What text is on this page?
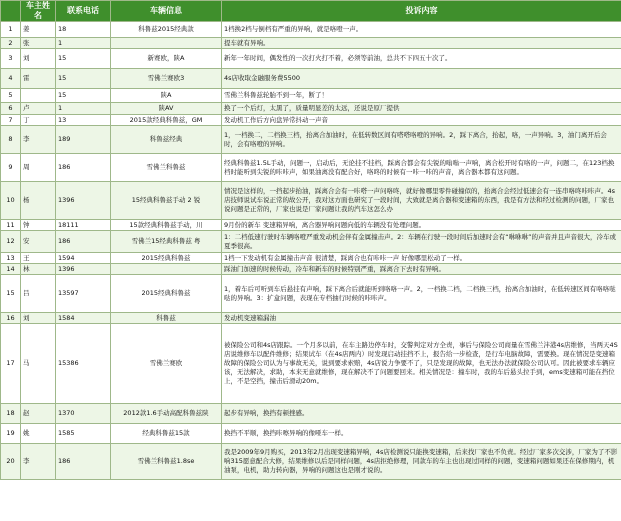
	车主姓名	联系电话	车辆信息	投诉内容
1	姜	18	科鲁兹2015经典款	1档换2档与倒档有严重的异响，就是咯噔一声。
2	张	1		提车就有异响。
3	刘	15	新赛欧，陕A	新年一年时间，偶发性的一次打火打不着，必须等前油，总共不下四五十次了。
4	雷	15	雪佛兰赛欧3	4s店收取金融服务费5500
5		15	陕A	雪佛兰科鲁兹轮胎不到一年，断了！
6	卢	1	陕AV	换了一个后灯，太黑了，质量明显差的太远，还说是原厂提供
7	丁	13	2015款经典科鲁兹，GM	发动机工作后方向盘异常抖动一声音
8	李	189	科鲁兹经典	1，一档换二，二档换三档，抬离合加油时，在低转数区间有嗒嗒咯噔的异响。2，踩下离合，抬起，咯，一声异响。3，油门离开后会时，会有咯噔的异响。
9	周	186	雪佛兰科鲁兹	经典科鲁兹1.5L手动，问题一，启动后，无论挂不挂档，踩离合都会有尖锐的嗡嗡一声响，离合松开时有咯的一声，问题二，在123档换档时能听到尖锐的咔咔声，如果油离没有配合好，咯咚的时候有一咔一咔的声音，离合器本都有这问题。
10	杨	1396	15经典科鲁兹手动 2 锐	情况是这样的，一挡起步抬油，踩离合会有一咔嗒一声问咯咚，就好像哪里零件碰撞似的，抬离合会经过低速会有一连串咯咚咔咔声。4s店技师说试车说正常的故公开，我对这方面也研究了一段时间，大致就是离合器和变速箱的东西，我是有方法和经过检测的问题，厂家也说问题是正常的，厂家也说是厂家问题让我的汽车这怎么办
11	钟	18111	15款经典科鲁兹手动，川	9月份的新车 变速箱异响，离合器异响问题向低的车辆没有处理问题。
12	安	186	雪佛兰15经典科鲁兹 粤	1：二档低速行驶时车辆咯噔严重发动机会伴有金属撞击声。2：车辆在行驶一段时间后加速时会有“咻咻咻”的声音并且声音很大，冷车或夏季很高。
13	王	1594	2015经典科鲁兹	1档一下发动机有金属撞击声音 很清楚，踩离合也有咔咔一声 好像哪里松动了一样。
14	林	1396		踩油门加速的时候传动，冷车和新车的时候特别严重，踩离合下去时有异响。
15	吕	13597	2015经典科鲁兹	1，着车后可听到车后悬挂有声响，踩下离合后就能听到咯咯一声。2，一档换二档，二档换三档，抬离合加油时，在低转速区间有咯咯哒哒的异响。3：扩盒问题，表现在专档抽行时候的咔咔声。
16	刘	1584	科鲁兹	发动机变速箱漏油
17	马	15386	雪佛兰赛欧	被保险公司和4s店跟踪。一个月多以前，在车主路边停车时，交警判定对方全责，事后与保险公司商量在雪佛兰沣港4s店维修，当两天4S店说维修车以配件维修；结果试车（在4s店两内）时发现启动挂挡不上，报告给一步检查，是行车电脑故障，需要换。现在情况是变速箱故障的保险公司认为与事故无关，说到要求索赔，4s店说力争要不了，只是发现的故障，也无法办法就保险公司认可。因此被要求车辆应该，无法解决，求助，本来无意就维修，现在解决不了问题要回来。相关情况是：撞车时，我的车后悬头拉手到，ems变速箱可能在挡位上，不是空挡，撞击后滑动20m。
18	赵	1370	2012款1.6手动高配科鲁兹陕	起步有异响，换挡有顿挫感。
19	姚	1585	经典科鲁兹15款	换挡不平顺，换挡咔嚓异响的像哑车一样。
20	李	186	雪佛兰科鲁兹1.8se	我是2009年9月购买，2013年2月出现变速箱异响，4s店检测说只能换变速箱，后来找厂家也不负责。经过厂家多次交涉，厂家为了不影响315愿意配合大修，结果维修以后是同样问题，4s店拒绝修理，同款车的车主也出现过同样的问题，变速箱问题如果还在保修期内，机油泵，电机，助力转向器，异响的问题这也是刚才说的。
